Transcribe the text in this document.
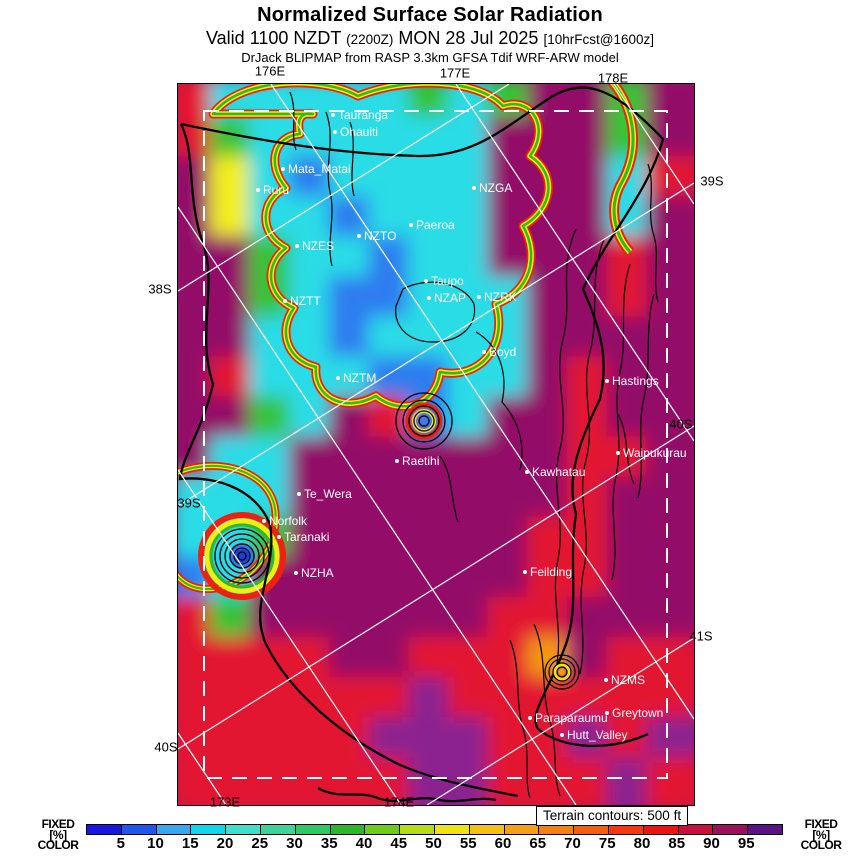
Normalized Surface Solar Radiation
Valid 1100 NZDT (2200Z) MON 28 Jul 2025 [10hrFcst@1600z]
DrJack BLIPMAP from RASP 3.3km GFSA Tdif WRF-ARW model
Tauranga
Ohauiti
Mata_Matai
Ruru	NZGA
Paeroa
NZTO
NZES
Taupo
NZTT	NZAP	NZRK
Boyd
NZTM	Hastings
Raetihi
Waipukurau
Kawhatau
Te_Wera
Norfolk
Taranaki
NZHA	Feilding
NZMS
Greytown
Paraparaumu
Hutt_Valley
176E	177E	178E
38S
39S
40S
39S
40S
41S
173E	174E
FIXED
[%]
COLOR
FIXED
[%]
COLOR
5 10 15 20 25 30 35 40 45 50 55 60 65 70 75 80 85 90 95
Terrain contours: 500 ft
